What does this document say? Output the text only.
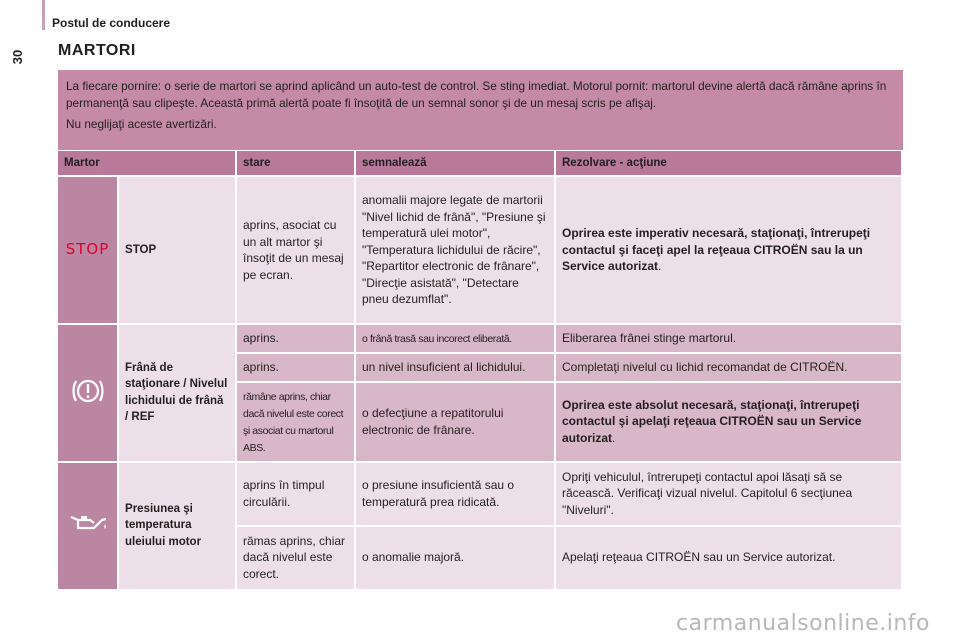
Postul de conducere
30 MARTORI

La fiecare pornire: o serie de martori se aprind aplicând un auto-test de control. Se sting imediat. Motorul pornit: martorul devine alertă dacă rămâne aprins în permanenţă sau clipeşte. Această primă alertă poate fi însoţită de un semnal sonor şi de un mesaj scris pe afişaj.

Nu neglijaţi aceste avertizări.

Martor		stare	semnalează	Rezolvare - acţiune
STOP	STOP	aprins, asociat cu un alt martor şi însoţit de un mesaj pe ecran.	anomalii majore legate de martorii "Nivel lichid de frână", "Presiune şi temperatură ulei motor", "Temperatura lichidului de răcire", "Repartitor electronic de frânare", "Direcţie asistată", "Detectare pneu dezumflat".	Oprirea este imperativ necesară, staţionaţi, întrerupeţi contactul şi faceţi apel la reţeaua CITROËN sau la un Service autorizat.
	Frână de staţionare / Nivelul lichidului de frână / REF	aprins.	o frână trasă sau incorect eliberată.	Eliberarea frânei stinge martorul.
		aprins.	un nivel insuficient al lichidului.	Completaţi nivelul cu lichid recomandat de CITROËN.
		rămâne aprins, chiar dacă nivelul este corect şi asociat cu martorul ABS.	o defecţiune a repatitorului electronic de frânare.	Oprirea este absolut necesară, staţionaţi, întrerupeţi contactul şi apelaţi reţeaua CITROËN sau un Service autorizat.
	Presiunea şi temperatura uleiului motor	aprins în timpul circulării.	o presiune insuficientă sau o temperatură prea ridicată.	Opriţi vehiculul, întrerupeţi contactul apoi lăsaţi să se răcească. Verificaţi vizual nivelul. Capitolul 6 secţiunea "Niveluri".
		rămas aprins, chiar dacă nivelul este corect.	o anomalie majoră.	Apelaţi reţeaua CITROËN sau un Service autorizat.
carmanualsonline.info
